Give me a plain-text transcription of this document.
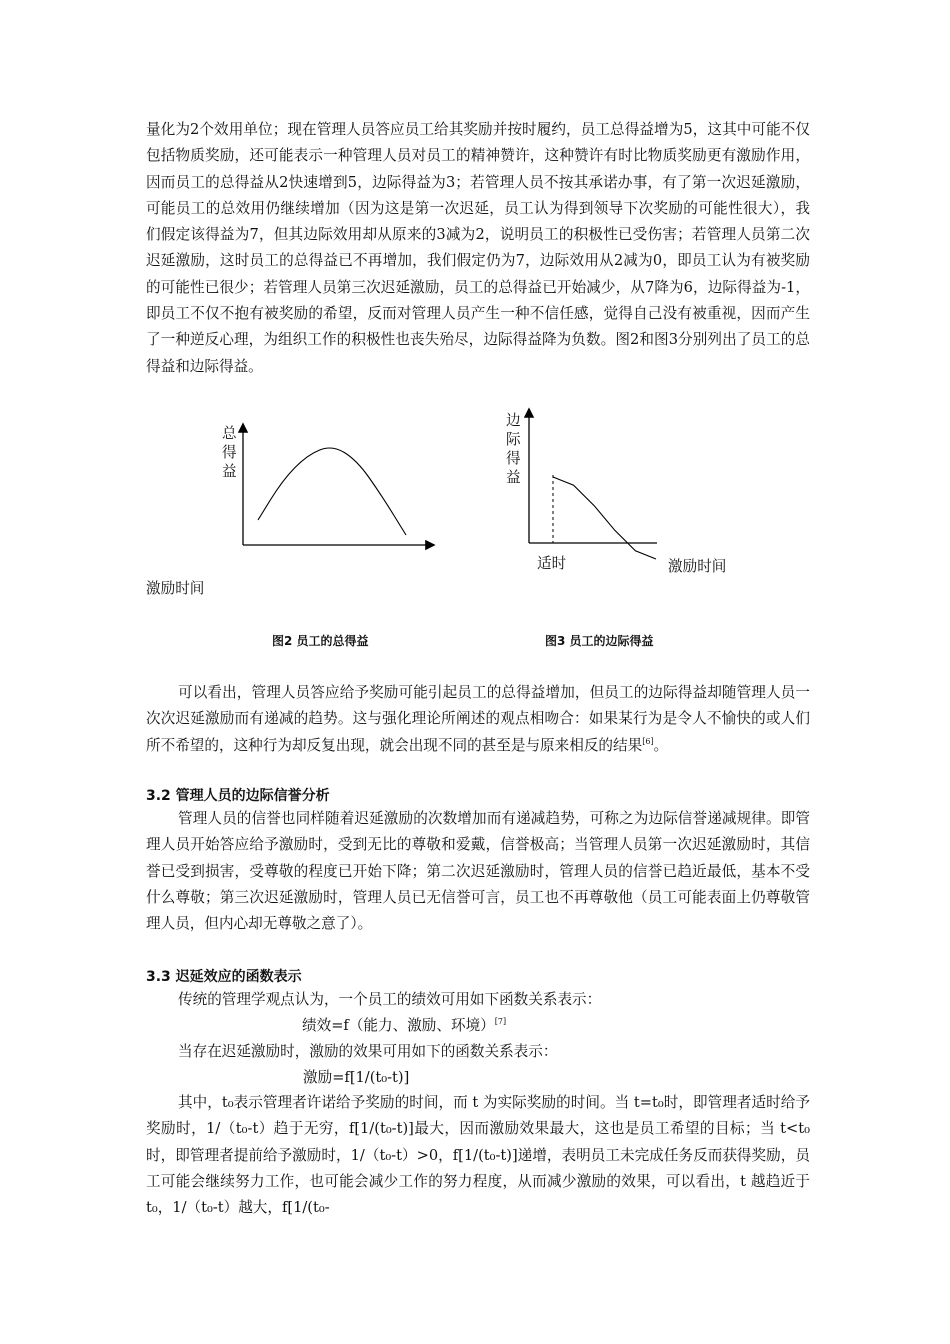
量化为2个效用单位；现在管理人员答应员工给其奖励并按时履约，员工总得益增为5，这其中可能不仅包括物质奖励，还可能表示一种管理人员对员工的精神赞许，这种赞许有时比物质奖励更有激励作用，因而员工的总得益从2快速增到5，边际得益为3；若管理人员不按其承诺办事，有了第一次迟延激励，可能员工的总效用仍继续增加（因为这是第一次迟延，员工认为得到领导下次奖励的可能性很大），我们假定该得益为7，但其边际效用却从原来的3减为2，说明员工的积极性已受伤害；若管理人员第二次迟延激励，这时员工的总得益已不再增加，我们假定仍为7，边际效用从2减为0，即员工认为有被奖励的可能性已很少；若管理人员第三次迟延激励，员工的总得益已开始减少，从7降为6，边际得益为-1，即员工不仅不抱有被奖励的希望，反而对管理人员产生一种不信任感，觉得自己没有被重视，因而产生了一种逆反心理，为组织工作的积极性也丧失殆尽，边际得益降为负数。图2和图3分别列出了员工的总得益和边际得益。

总得益

激励时间

图2 员工的总得益

边际得益

适时	激励时间

图3 员工的边际得益

可以看出，管理人员答应给予奖励可能引起员工的总得益增加，但员工的边际得益却随管理人员一次次迟延激励而有递减的趋势。这与强化理论所阐述的观点相吻合：如果某行为是令人不愉快的或人们所不希望的，这种行为却反复出现，就会出现不同的甚至是与原来相反的结果[6]。

3.2 管理人员的边际信誉分析

管理人员的信誉也同样随着迟延激励的次数增加而有递减趋势，可称之为边际信誉递减规律。即管理人员开始答应给予激励时，受到无比的尊敬和爱戴，信誉极高；当管理人员第一次迟延激励时，其信誉已受到损害，受尊敬的程度已开始下降；第二次迟延激励时，管理人员的信誉已趋近最低，基本不受什么尊敬；第三次迟延激励时，管理人员已无信誉可言，员工也不再尊敬他（员工可能表面上仍尊敬管理人员，但内心却无尊敬之意了）。

3.3 迟延效应的函数表示

传统的管理学观点认为，一个员工的绩效可用如下函数关系表示：

绩效=f（能力、激励、环境）[7]

当存在迟延激励时，激励的效果可用如下的函数关系表示：

激励=f[1/(t₀-t)]

其中，t₀表示管理者许诺给予奖励的时间，而 t 为实际奖励的时间。当 t=t₀时，即管理者适时给予奖励时，1/（t₀-t）趋于无穷，f[1/(t₀-t)]最大，因而激励效果最大，这也是员工希望的目标；当 t<t₀时，即管理者提前给予激励时，1/（t₀-t）>0，f[1/(t₀-t)]递增，表明员工未完成任务反而获得奖励，员工可能会继续努力工作，也可能会减少工作的努力程度，从而减少激励的效果，可以看出，t 越趋近于 t₀，1/（t₀-t）越大，f[1/(t₀-
